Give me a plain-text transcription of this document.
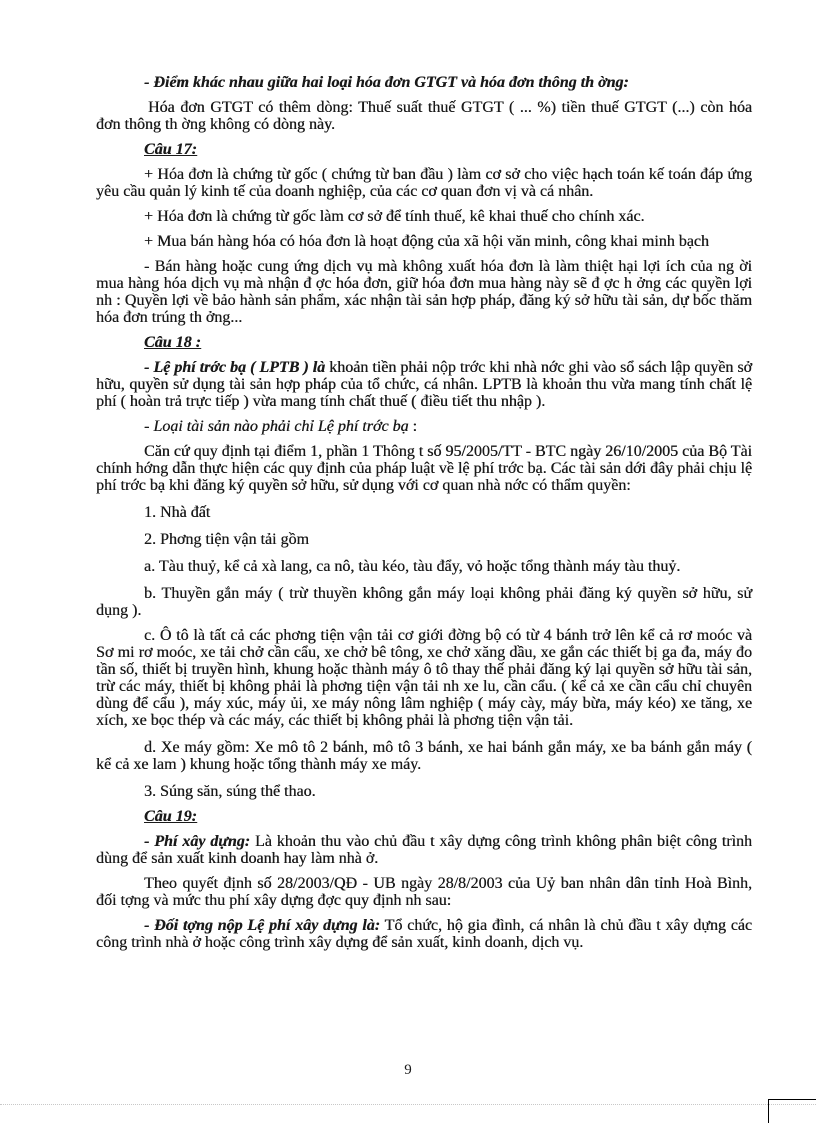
- Điểm khác nhau giữa hai loại hóa đơn GTGT và hóa đơn thông th ờng:

Hóa đơn GTGT có thêm dòng: Thuế suất thuế GTGT ( ... %) tiền thuế GTGT (...) còn hóa đơn thông th ờng không có dòng này.

Câu 17:

+ Hóa đơn là chứng từ gốc ( chứng từ ban đầu ) làm cơ sở cho việc hạch toán kế toán đáp ứng yêu cầu quản lý kinh tế của doanh nghiệp, của các cơ quan đơn vị và cá nhân.

+ Hóa đơn là chứng từ gốc làm cơ sở để tính thuế, kê khai thuế cho chính xác.

+ Mua bán hàng hóa có hóa đơn là hoạt động của xã hội văn minh, công khai minh bạch

- Bán hàng hoặc cung ứng dịch vụ mà không xuất hóa đơn là làm thiệt hại lợi ích của ng ời mua hàng hóa dịch vụ mà nhận đ ợc hóa đơn, giữ hóa đơn mua hàng này sẽ đ ợc h ởng các quyền lợi nh : Quyền lợi về bảo hành sản phẩm, xác nhận tài sản hợp pháp, đăng ký sở hữu tài sản, dự bốc thăm hóa đơn trúng th ởng...

Câu 18 :

- Lệ phí trớc bạ ( LPTB ) là khoản tiền phải nộp trớc khi nhà nớc ghi vào sổ sách lập quyền sở hữu, quyền sử dụng tài sản hợp pháp của tổ chức, cá nhân. LPTB là khoản thu vừa mang tính chất lệ phí ( hoàn trả trực tiếp ) vừa mang tính chất thuế ( điều tiết thu nhập ).

- Loại tài sản nào phải chỉ Lệ phí trớc bạ :

Căn cứ quy định tại điểm 1, phần 1 Thông t số 95/2005/TT - BTC ngày 26/10/2005 của Bộ Tài chính hớng dẫn thực hiện các quy định của pháp luật về lệ phí trớc bạ. Các tài sản dới đây phải chịu lệ phí trớc bạ khi đăng ký quyền sở hữu, sử dụng với cơ quan nhà nớc có thẩm quyền:

1. Nhà đất

2. Phơng tiện vận tải gồm

a. Tàu thuỷ, kể cả xà lang, ca nô, tàu kéo, tàu đẩy, vỏ hoặc tổng thành máy tàu thuỷ.

b. Thuyền gắn máy ( trừ thuyền không gắn máy loại không phải đăng ký quyền sở hữu, sử dụng ).

c. Ô tô là tất cả các phơng tiện vận tải cơ giới đờng bộ có từ 4 bánh trở lên kể cả rơ moóc và Sơ mi rơ moóc, xe tải chở cần cẩu, xe chở bê tông, xe chở xăng dầu, xe gắn các thiết bị ga đa, máy đo tần số, thiết bị truyền hình, khung hoặc thành máy ô tô thay thế phải đăng ký lại quyền sở hữu tài sản, trừ các máy, thiết bị không phải là phơng tiện vận tải nh xe lu, cần cẩu. ( kể cả xe cần cẩu chỉ chuyên dùng để cẩu ), máy xúc, máy ủi, xe máy nông lâm nghiệp ( máy cày, máy bừa, máy kéo) xe tăng, xe xích, xe bọc thép và các máy, các thiết bị không phải là phơng tiện vận tải.

d. Xe máy gồm: Xe mô tô 2 bánh, mô tô 3 bánh, xe hai bánh gắn máy, xe ba bánh gắn máy ( kể cả xe lam ) khung hoặc tổng thành máy xe máy.

3. Súng săn, súng thể thao.

Câu 19:

- Phí xây dựng: Là khoản thu vào chủ đầu t xây dựng công trình không phân biệt công trình dùng để sản xuất kinh doanh hay làm nhà ở.

Theo quyết định số 28/2003/QĐ - UB ngày 28/8/2003 của Uỷ ban nhân dân tỉnh Hoà Bình, đối tợng và mức thu phí xây dựng đợc quy định nh sau:

- Đối tợng nộp Lệ phí xây dựng là: Tổ chức, hộ gia đình, cá nhân là chủ đầu t xây dựng các công trình nhà ở hoặc công trình xây dựng để sản xuất, kinh doanh, dịch vụ.

9
